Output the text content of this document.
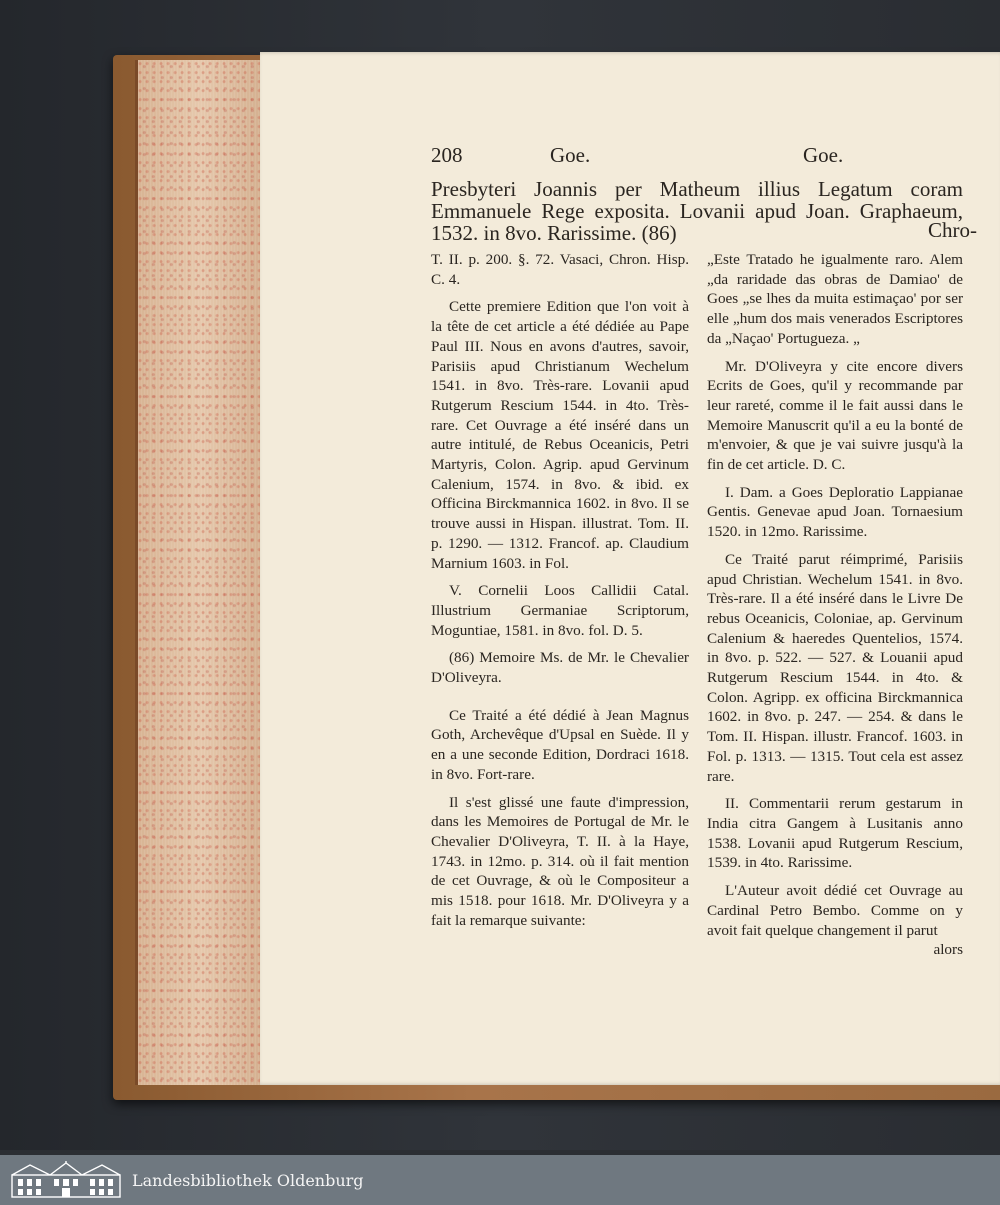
208	Goe.	Goe.
Presbyteri Joannis per Matheum illius Legatum coram Emmanuele Rege exposita. Lovanii apud Joan. Graphaeum, 1532. in 8vo. Rarissime. (86)	Chro-

T. II. p. 200. §. 72. Vasaci, Chron. Hisp. C. 4.

Cette premiere Edition que l'on voit à la tête de cet article a été dédiée au Pape Paul III. Nous en avons d'autres, savoir, Parisiis apud Christianum Wechelum 1541. in 8vo. Très-rare. Lovanii apud Rutgerum Rescium 1544. in 4to. Très-rare. Cet Ouvrage a été inséré dans un autre intitulé, de Rebus Oceanicis, Petri Martyris, Colon. Agrip. apud Gervinum Calenium, 1574. in 8vo. & ibid. ex Officina Birckmannica 1602. in 8vo. Il se trouve aussi in Hispan. illustrat. Tom. II. p. 1290. — 1312. Francof. ap. Claudium Marnium 1603. in Fol.

V. Cornelii Loos Callidii Catal. Illustrium Germaniae Scriptorum, Moguntiae, 1581. in 8vo. fol. D. 5.

(86) Memoire Ms. de Mr. le Chevalier D'Oliveyra.

Ce Traité a été dédié à Jean Magnus Goth, Archevêque d'Upsal en Suède. Il y en a une seconde Edition, Dordraci 1618. in 8vo. Fort-rare.

Il s'est glissé une faute d'impression, dans les Memoires de Portugal de Mr. le Chevalier D'Oliveyra, T. II. à la Haye, 1743. in 12mo. p. 314. où il fait mention de cet Ouvrage, & où le Compositeur a mis 1518. pour 1618. Mr. D'Oliveyra y a fait la remarque suivante:

„Este Tratado he igualmente raro. Alem „da raridade das obras de Damiao' de Goes „se lhes da muita estimaçao' por ser elle „hum dos mais venerados Escriptores da „Naçao' Portugueza. „

Mr. D'Oliveyra y cite encore divers Ecrits de Goes, qu'il y recommande par leur rareté, comme il le fait aussi dans le Memoire Manuscrit qu'il a eu la bonté de m'envoier, & que je vai suivre jusqu'à la fin de cet article. D. C.

I. Dam. a Goes Deploratio Lappianae Gentis. Genevae apud Joan. Tornaesium 1520. in 12mo. Rarissime.

Ce Traité parut réimprimé, Parisiis apud Christian. Wechelum 1541. in 8vo. Très-rare. Il a été inséré dans le Livre De rebus Oceanicis, Coloniae, ap. Gervinum Calenium & haeredes Quentelios, 1574. in 8vo. p. 522. — 527. & Louanii apud Rutgerum Rescium 1544. in 4to. & Colon. Agripp. ex officina Birckmannica 1602. in 8vo. p. 247. — 254. & dans le Tom. II. Hispan. illustr. Francof. 1603. in Fol. p. 1313. — 1315. Tout cela est assez rare.

II. Commentarii rerum gestarum in India citra Gangem à Lusitanis anno 1538. Lovanii apud Rutgerum Rescium, 1539. in 4to. Rarissime.

L'Auteur avoit dédié cet Ouvrage au Cardinal Petro Bembo. Comme on y avoit fait quelque changement il parut

alors
Landesbibliothek Oldenburg
